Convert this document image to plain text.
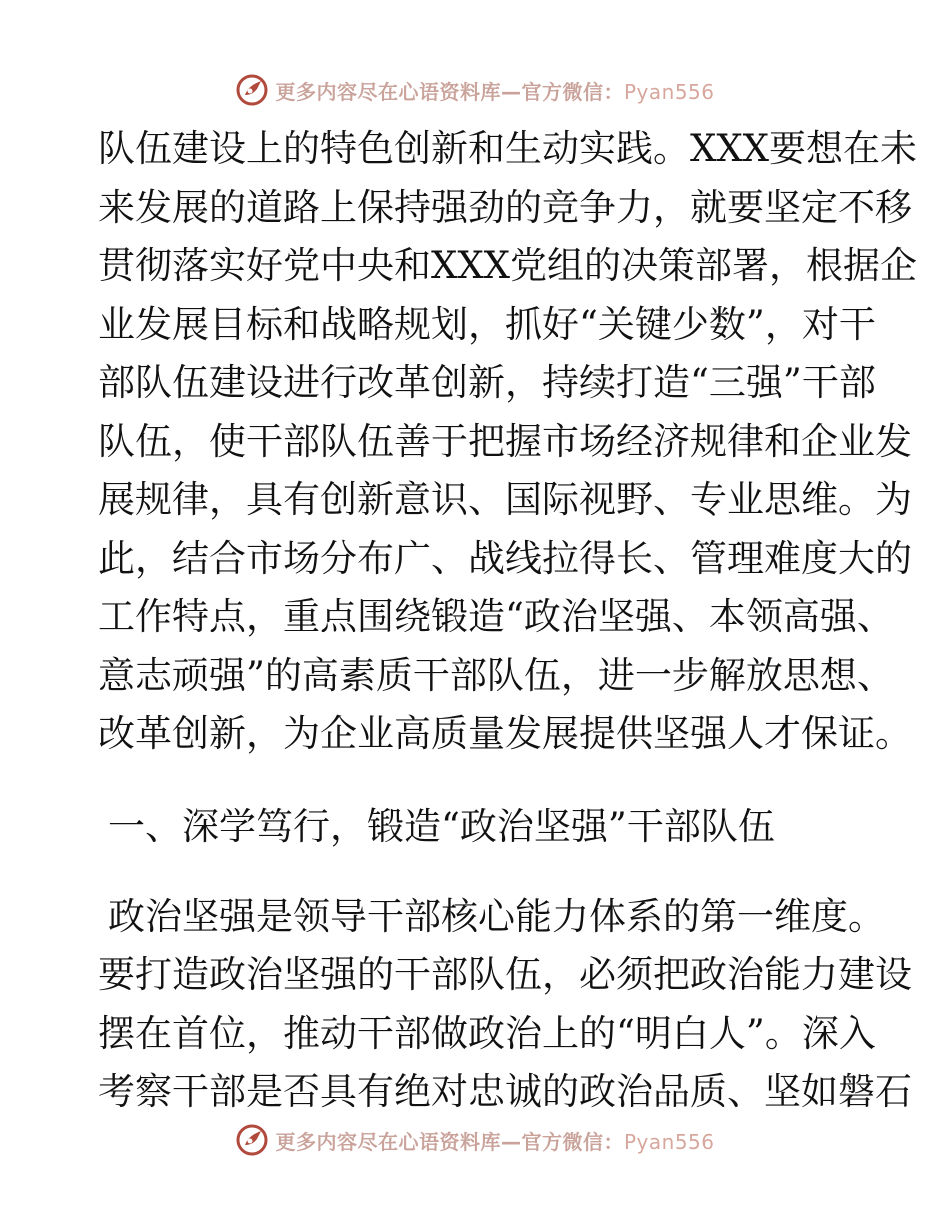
更多内容尽在心语资料库—官方微信：Pyan556
队伍建设上的特色创新和生动实践。XXX要想在未
来发展的道路上保持强劲的竞争力，就要坚定不移
贯彻落实好党中央和XXX党组的决策部署，根据企
业发展目标和战略规划，抓好“关键少数”，对干
部队伍建设进行改革创新，持续打造“三强”干部
队伍，使干部队伍善于把握市场经济规律和企业发
展规律，具有创新意识、国际视野、专业思维。为
此，结合市场分布广、战线拉得长、管理难度大的
工作特点，重点围绕锻造“政治坚强、本领高强、
意志顽强”的高素质干部队伍，进一步解放思想、
改革创新，为企业高质量发展提供坚强人才保证。
一、深学笃行，锻造“政治坚强”干部队伍
政治坚强是领导干部核心能力体系的第一维度。
要打造政治坚强的干部队伍，必须把政治能力建设
摆在首位，推动干部做政治上的“明白人”。深入
考察干部是否具有绝对忠诚的政治品质、坚如磐石
更多内容尽在心语资料库—官方微信：Pyan556
